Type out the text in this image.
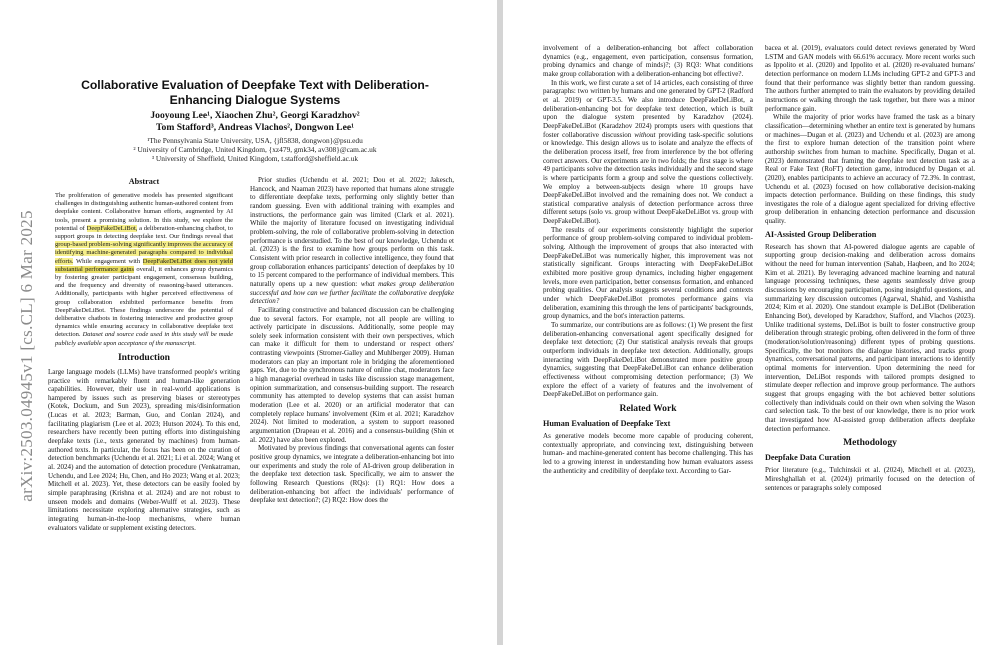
arXiv:2503.04945v1 [cs.CL] 6 Mar 2025
Collaborative Evaluation of Deepfake Text with Deliberation-Enhancing Dialogue Systems
Jooyoung Lee¹, Xiaochen Zhu², Georgi Karadzhov²
Tom Stafford³, Andreas Vlachos², Dongwon Lee¹
¹The Pennsylvania State University, USA, {jfl5838, dongwon}@psu.edu
² University of Cambridge, United Kingdom, {xz479, gmk34, av308}@cam.ac.uk
³ University of Sheffield, United Kingdom, t.stafford@sheffield.ac.uk
Abstract

The proliferation of generative models has presented significant challenges in distinguishing authentic human-authored content from deepfake content. Collaborative human efforts, augmented by AI tools, present a promising solution. In this study, we explore the potential of DeepFakeDeLiBot, a deliberation-enhancing chatbot, to support groups in detecting deepfake text. Our findings reveal that group-based problem-solving significantly improves the accuracy of identifying machine-generated paragraphs compared to individual efforts. While engagement with DeepFakeDeLiBot does not yield substantial performance gains overall, it enhances group dynamics by fostering greater participant engagement, consensus building, and the frequency and diversity of reasoning-based utterances. Additionally, participants with higher perceived effectiveness of group collaboration exhibited performance benefits from DeepFakeDeLiBot. These findings underscore the potential of deliberative chatbots in fostering interactive and productive group dynamics while ensuring accuracy in collaborative deepfake text detection. Dataset and source code used in this study will be made publicly available upon acceptance of the manuscript.

Introduction

Large language models (LLMs) have transformed people's writing practice with remarkably fluent and human-like generation capabilities. However, their use in real-world applications is hampered by issues such as preserving biases or stereotypes (Kotek, Dockum, and Sun 2023), spreading mis/disinformation (Lucas et al. 2023; Barman, Guo, and Conlan 2024), and facilitating plagiarism (Lee et al. 2023; Hutson 2024). To this end, researchers have recently been putting efforts into distinguishing deepfake texts (i.e., texts generated by machines) from human-authored texts. In particular, the focus has been on the curation of detection benchmarks (Uchendu et al. 2021; Li et al. 2024; Wang et al. 2024) and the automation of detection procedure (Venkatraman, Uchendu, and Lee 2024; Hu, Chen, and Ho 2023; Wang et al. 2023; Mitchell et al. 2023). Yet, these detectors can be easily fooled by simple paraphrasing (Krishna et al. 2024) and are not robust to unseen models and domains (Weber-Wulff et al. 2023). These limitations necessitate exploring alternative strategies, such as integrating human-in-the-loop mechanisms, where human evaluators validate or supplement existing detectors.

Prior studies (Uchendu et al. 2021; Dou et al. 2022; Jakesch, Hancock, and Naaman 2023) have reported that humans alone struggle to differentiate deepfake texts, performing only slightly better than random guessing. Even with additional training with examples and instructions, the performance gain was limited (Clark et al. 2021). While the majority of literature focused on investigating individual problem-solving, the role of collaborative problem-solving in detection performance is understudied. To the best of our knowledge, Uchendu et al. (2023) is the first to examine how groups perform on this task. Consistent with prior research in collective intelligence, they found that group collaboration enhances participants' detection of deepfakes by 10 to 15 percent compared to the performance of individual members. This naturally opens up a new question: what makes group deliberation successful and how can we further facilitate the collaborative deepfake detection?

Facilitating constructive and balanced discussion can be challenging due to several factors. For example, not all people are willing to actively participate in discussions. Additionally, some people may solely seek information consistent with their own perspectives, which can make it difficult for them to understand or respect others' contrasting viewpoints (Stromer-Galley and Muhlberger 2009). Human moderators can play an important role in bridging the aforementioned gaps. Yet, due to the synchronous nature of online chat, moderators face a high managerial overhead in tasks like discussion stage management, opinion summarization, and consensus-building support. The research community has attempted to develop systems that can assist human moderation (Lee et al. 2020) or an artificial moderator that can completely replace humans' involvement (Kim et al. 2021; Karadzhov 2024). Not limited to moderation, a system to support reasoned argumentation (Drapeau et al. 2016) and a consensus-building (Shin et al. 2022) have also been explored.

Motivated by previous findings that conversational agents can foster positive group dynamics, we integrate a deliberation-enhancing bot into our experiments and study the role of AI-driven group deliberation in the deepfake text detection task. Specifically, we aim to answer the following Research Questions (RQs): (1) RQ1: How does a deliberation-enhancing bot affect the individuals' performance of deepfake text detection?; (2) RQ2: How does the

involvement of a deliberation-enhancing bot affect collaboration dynamics (e.g., engagement, even participation, consensus formation, probing dynamics and change of minds)?; (3) RQ3: What conditions make group collaboration with a deliberation-enhancing bot effective?.

In this work, we first curate a set of 14 articles, each consisting of three paragraphs: two written by humans and one generated by GPT-2 (Radford et al. 2019) or GPT-3.5. We also introduce DeepFakeDeLiBot, a deliberation-enhancing bot for deepfake text detection, which is built upon the dialogue system presented by Karadzhov (2024). DeepFakeDeLiBot (Karadzhov 2024) prompts users with questions that foster collaborative discussion without providing task-specific solutions or knowledge. This design allows us to isolate and analyze the effects of the deliberation process itself, free from interference by the bot offering correct answers. Our experiments are in two folds; the first stage is where 49 participants solve the detection tasks individually and the second stage is where participants form a group and solve the questions collectively. We employ a between-subjects design where 10 groups have DeepFakeDeLiBot involved and the remaining does not. We conduct a statistical comparative analysis of detection performance across three different setups (solo vs. group without DeepFakeDeLiBot vs. group with DeepFakeDeLiBot).

The results of our experiments consistently highlight the superior performance of group problem-solving compared to individual problem-solving. Although the improvement of groups that also interacted with DeepFakeDeLiBot was numerically higher, this improvement was not statistically significant. Groups interacting with DeepFakeDeLiBot exhibited more positive group dynamics, including higher engagement levels, more even participation, better consensus formation, and enhanced probing qualities. Our analysis suggests several conditions and contexts under which DeepFakeDeLiBot promotes performance gains via deliberation, examining this through the lens of participants' backgrounds, group dynamics, and the bot's interaction patterns.

To summarize, our contributions are as follows: (1) We present the first deliberation-enhancing conversational agent specifically designed for deepfake text detection; (2) Our statistical analysis reveals that groups outperform individuals in deepfake text detection. Additionally, groups interacting with DeepFakeDeLiBot demonstrated more positive group dynamics, suggesting that DeepFakeDeLiBot can enhance deliberation effectiveness without compromising detection performance; (3) We explore the effect of a variety of features and the involvement of DeepFakeDeLiBot on performance gain.

Related Work
Human Evaluation of Deepfake Text

As generative models become more capable of producing coherent, contextually appropriate, and convincing text, distinguishing between human- and machine-generated content has become challenging. This has led to a growing interest in understanding how human evaluators assess the authenticity and credibility of deepfake text. According to Gar-

bacea et al. (2019), evaluators could detect reviews generated by Word LSTM and GAN models with 66.61% accuracy. More recent works such as Ippolito et al. (2020) and Ippolito et al. (2020) re-evaluated humans' detection performance on modern LLMs including GPT-2 and GPT-3 and found that their performance was slightly better than random guessing. The authors further attempted to train the evaluators by providing detailed instructions or walking through the task together, but there was a minor performance gain.

While the majority of prior works have framed the task as a binary classification—determining whether an entire text is generated by humans or machines—Dugan et al. (2023) and Uchendu et al. (2023) are among the first to explore human detection of the transition point where authorship switches from human to machine. Specifically, Dugan et al. (2023) demonstrated that framing the deepfake text detection task as a Real or Fake Text (RoFT) detection game, introduced by Dugan et al. (2020), enables participants to achieve an accuracy of 72.3%. In contrast, Uchendu et al. (2023) focused on how collaborative decision-making impacts detection performance. Building on these findings, this study investigates the role of a dialogue agent specialized for driving effective group deliberation in enhancing detection performance and discussion quality.

AI-Assisted Group Deliberation

Research has shown that AI-powered dialogue agents are capable of supporting group decision-making and deliberation across domains without the need for human intervention (Sahab, Haqbeen, and Ito 2024; Kim et al. 2021). By leveraging advanced machine learning and natural language processing techniques, these agents seamlessly drive group discussions by encouraging participation, posing insightful questions, and summarizing key discussion outcomes (Agarwal, Shahid, and Vashistha 2024; Kim et al. 2020). One standout example is DeLiBot (Deliberation Enhancing Bot), developed by Karadzhov, Stafford, and Vlachos (2023). Unlike traditional systems, DeLiBot is built to foster constructive group deliberation through strategic probing, often delivered in the form of three (moderation/solution/reasoning) different types of probing questions. Specifically, the bot monitors the dialogue histories, and tracks group dynamics, conversational patterns, and participant interactions to identify optimal moments for intervention. Upon determining the need for intervention, DeLiBot responds with tailored prompts designed to stimulate deeper reflection and improve group performance. The authors suggest that groups engaging with the bot achieved better solutions collectively than individuals could on their own when solving the Wason card selection task. To the best of our knowledge, there is no prior work that investigated how AI-assisted group deliberation affects deepfake detection performance.

Methodology
Deepfake Data Curation

Prior literature (e.g., Tulchinskii et al. (2024), Mitchell et al. (2023), Mireshghallah et al. (2024)) primarily focused on the detection of sentences or paragraphs solely composed
